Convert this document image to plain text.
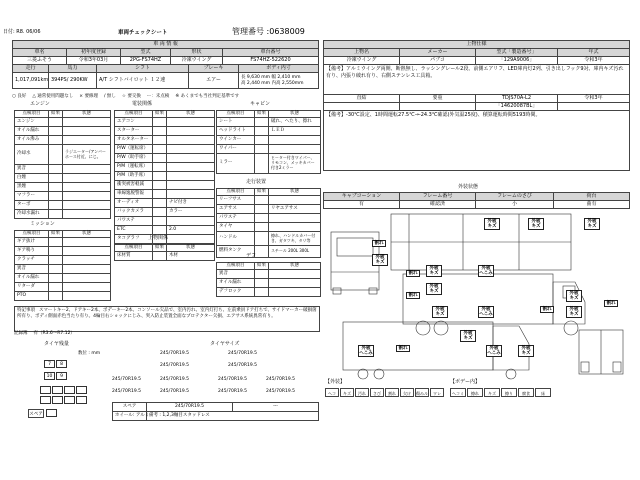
日付: R8. 06/06	車両チェックシート	管理番号 :0638009
車 両 情 報				
車名	初年度登録	型式	形状	車台番号
三菱ふそう	令和3年03月	2PG-FS74HZ	冷凍ウイング	FS74HZ-522620
走行	馬力	シフト	ブレーキ	ボディ内寸
1,017,091km	394PS/ 290KW	A/T シフトバイロット １２速	エアー	長 9,630 mm 幅 2,410 mm
高 2,440 mm 内高 2,550mm
上物仕様			
上物名	メーカー	型式「製造番号」	年式
冷凍ウイング	パブコ	「129A9006」	令和3年
【備考】アルミウイング両開、断熱無し、ラッシングレール2段、前側エアリフ、LED庫内灯2列、引き出しフック9対、庫内キズ汚れ有り、内張り破れ有り、右側ステンレス工具箱。			
直結	要重	TDJS70A-L2	令和3年
		「14620087BL」	
【備考】-30℃設定、1時間運転27.5℃→-24.3℃確認(外気温25度)、積算運転時間5193時間。			
○ 良好 △ 通常使用問題なし × 要修理 / 無し ☆ 要交換 ー：未点検 ※ あくまでも当社判定基準です
エンジン
点検項目	結果	状態
エンジン		
オイル漏れ		
オイル滲み		
冷却水		ラジエーター/アンバーホース付近、にじ。
異音		
白煙		
黒煙		
マフラー		
ターボ		
冷却水漏れ		
ミッション
点検項目	結果	状態
ギア抜け		
ギア鳴り		
クラッチ		
異音		
オイル漏れ		
リターダ		
PTO		
電装関係
点検項目	結果	状態
エアコン		
スターター		
オルタネーター		
P/W（運転席）		
P/W（助手席）		
P/M（運転席）		
P/M（助手席）		
衝突被害軽減		
車線逸脱警報		
オーディオ		ナビ付き
バックカメラ		カラー
パワステ		
ETC		2.0
タコグラフ		上物関係
点検項目	結果	状態
床材質		木材
キャビン
点検項目	結果	状態
シート		破れ、へたり、擦れ
ヘッドライト		ＬＥＤ
ウインカー		
ワイパー		
ミラー		ヒーター付きワイパー、リモコン、メッキカバー付き2ミラー
走行装置
点検項目	結果	状態
リーフサス		
エアサス		リヤエアサス
パワステ		
タイヤ		
ハンドル		擦れ、ハンドルカバー付き、ガタツキ、タリ等
燃料タンク		スチール 200L 300L
デフ
点検項目	結果	状態
異音		
オイル漏れ		
デフロック		
特記事項 スマートキー2、ドアキー2本、ボデーキー2本、コンソール欠品で、室内汚れ、室内灯打ち、左前乗員ドア打ちで、サイドマーカー破損箇所有り、ボディ側面赤色当たり有り。4輪目右ショックにじみ、突入防止装置全面なプロテクター欠損、エアサス系統異常有り。
記録簿 有（R3.6〜R7.12）
タイヤ残量
数位 : mm
タイヤサイズ
7
10	9
8
スペア
245/70R19.5	245/70R19.5
245/70R19.5	245/70R19.5
245/70R19.5	245/70R19.5	245/70R19.5	245/70R19.5
245/70R19.5	245/70R19.5	245/70R19.5	245/70R19.5
スペア	245/70R19.5	---
ホイール: アルミ	備考 : 1,2,3軸目スタッドレス	
外装状態
キャブコーション	フレーム番号	フレームのさび	荷台
有	確認済	小	曲有
外板
キズ
外板
キズ
外板
キズ
割れ
外板
キズ
外板
キズ
外板
へこみ
外板
キズ
割れ
割れ	外板
キズ
外板
キズ
外板
キズ
外板
へこみ
割れ
割れ
外板
キズ
外板
へこみ
外板
キズ
外板
へこみ
割れ
【外装】	【ボデー内】
ヘコ	キズ	汚れ	さび	割れ	欠け	傷みル	ワレ	ヘコミ	擦れ	キズ	擦り	腐食	床
